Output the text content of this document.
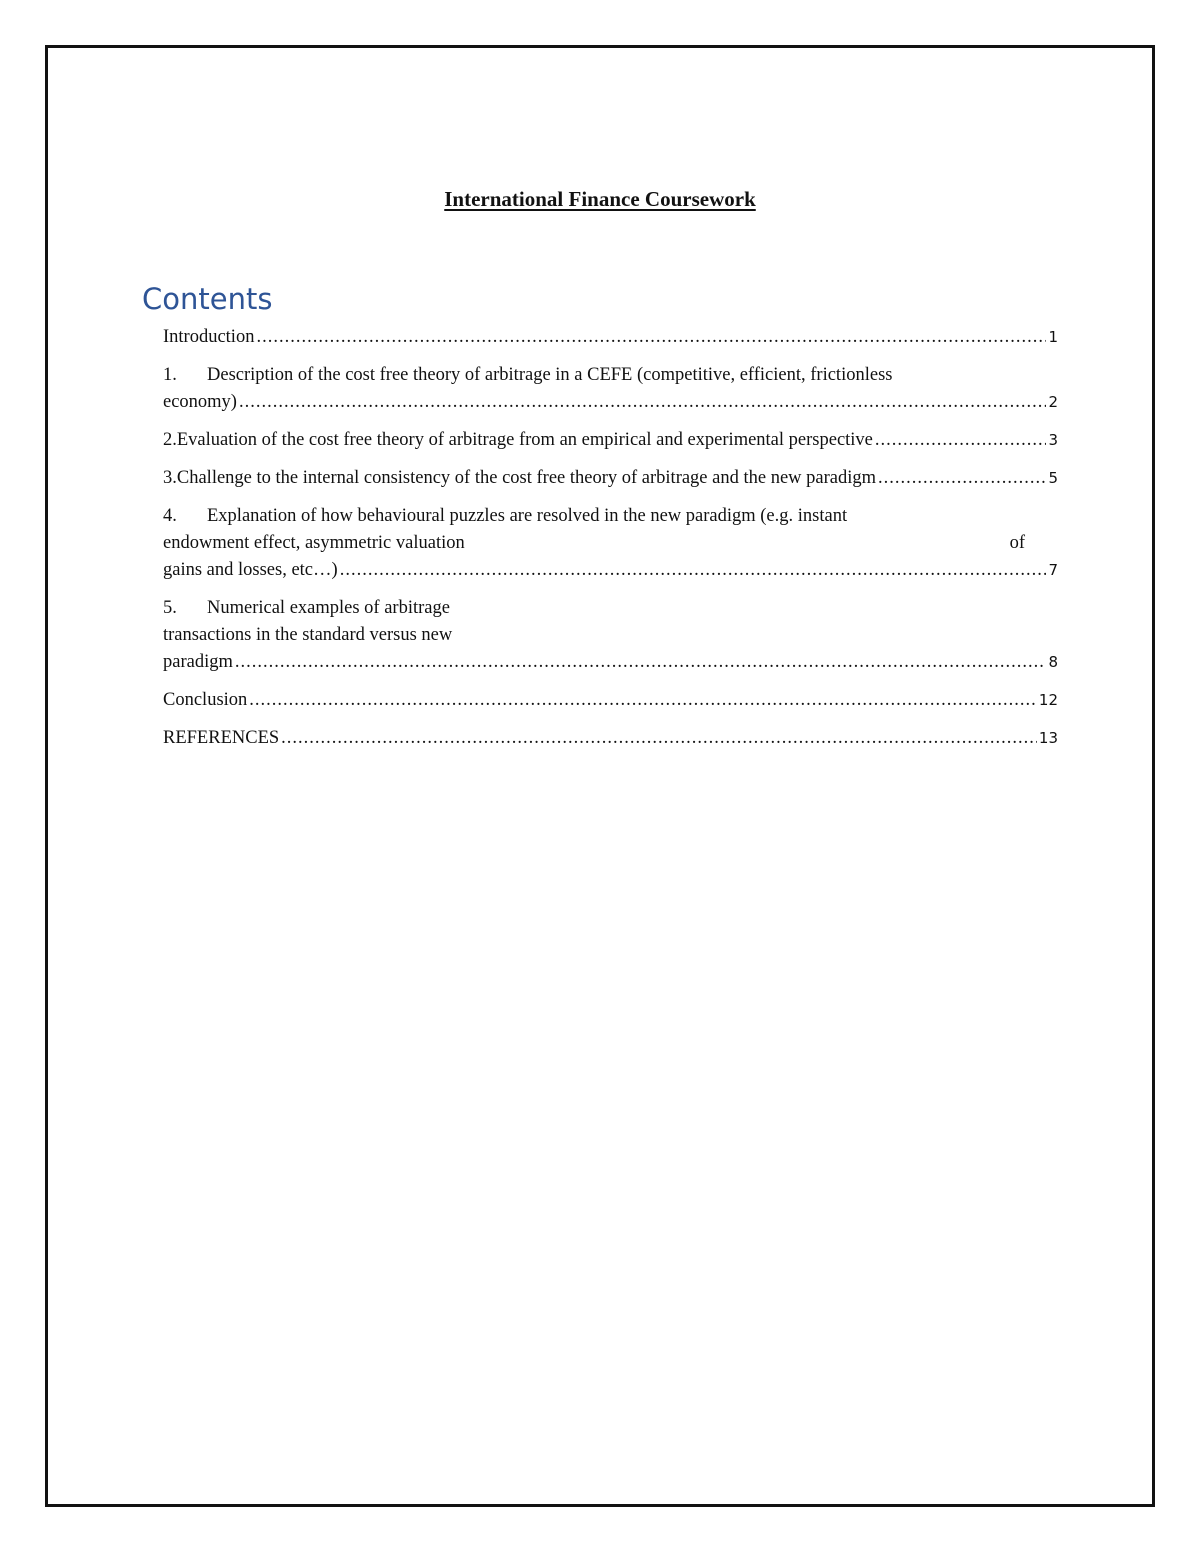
International Finance Coursework
Contents
Introduction .....	1
1. Description of the cost free theory of arbitrage in a CEFE (competitive, efficient, frictionless
economy) .....	2
2. Evaluation of the cost free theory of arbitrage from an empirical and experimental perspective .....	3
3. Challenge to the internal consistency of the cost free theory of arbitrage and the new paradigm .....	5
4. Explanation of how behavioural puzzles are resolved in the new paradigm (e.g. instant
endowment effect, asymmetric valuation	of
gains and losses, etc…) .....	7
5. Numerical examples of arbitrage
transactions in the standard versus new
paradigm .....	8
Conclusion .....	12
REFERENCES .....	13
